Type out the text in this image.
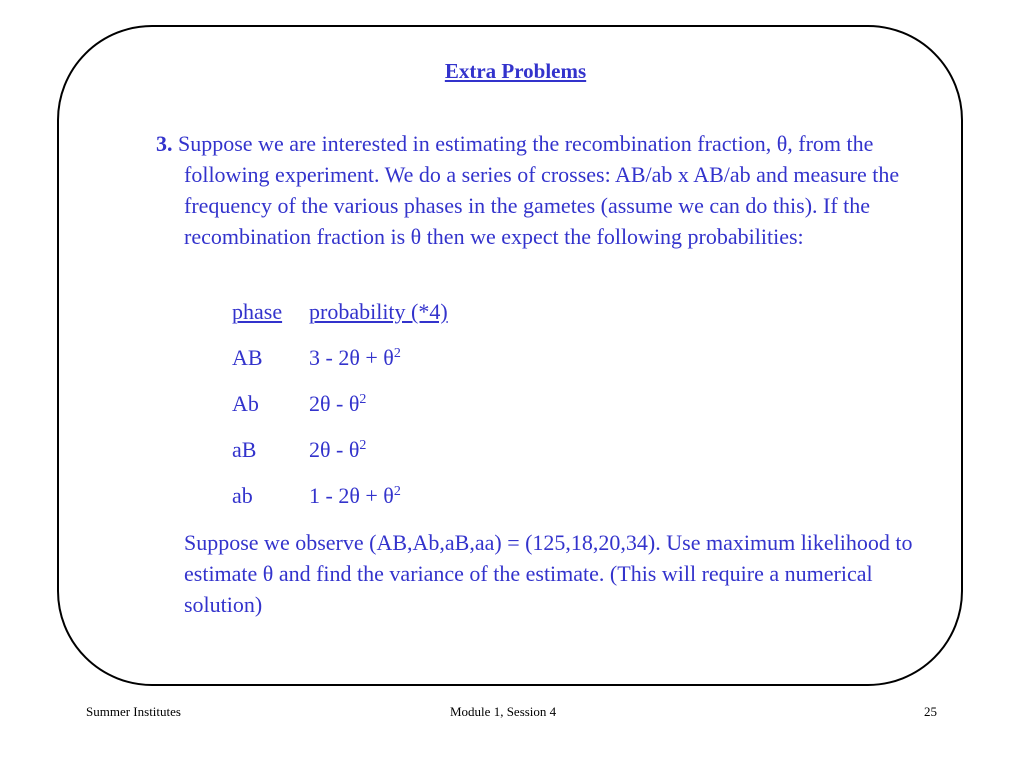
Extra Problems
3. Suppose we are interested in estimating the recombination fraction, θ, from the following experiment. We do a series of crosses: AB/ab x AB/ab and measure the frequency of the various phases in the gametes (assume we can do this). If the recombination fraction is θ then we expect the following probabilities:
phase probability (*4)
AB $3 - 2\theta + \theta^2$
Ab $2\theta - \theta^2$
aB $2\theta - \theta^2$
ab	$1 - 2\theta + \theta^2$
Suppose we observe (AB,Ab,aB,aa) = (125,18,20,34). Use maximum likelihood to estimate θ and find the variance of the estimate. (This will require a numerical solution)
Summer Institutes	Module 1, Session 4	25
